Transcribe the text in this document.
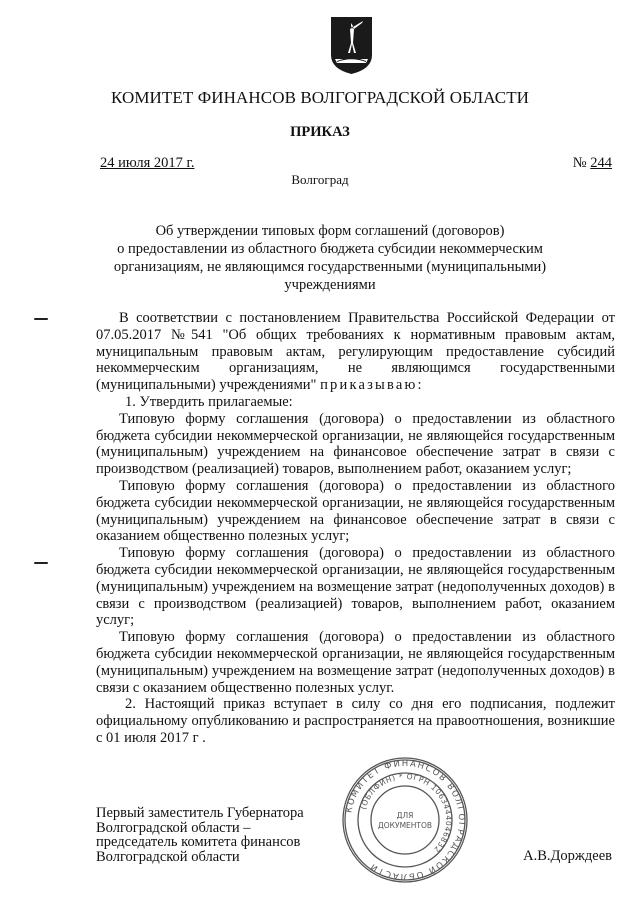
КОМИТЕТ ФИНАНСОВ ВОЛГОГРАДСКОЙ ОБЛАСТИ
ПРИКАЗ
24 июля 2017 г.	№ 244
Волгоград
Об утверждении типовых форм соглашений (договоров)
о предоставлении из областного бюджета субсидии некоммерческим
организациям, не являющимся государственными (муниципальными)
учреждениями

В соответствии с постановлением Правительства Российской Федерации от 07.05.2017 №541 "Об общих требованиях к нормативным правовым актам, муниципальным правовым актам, регулирующим предоставление субсидий некоммерческим организациям, не являющимся государственными (муниципальными) учреждениями" приказываю:

1. Утвердить прилагаемые:

Типовую форму соглашения (договора) о предоставлении из областного бюджета субсидии некоммерческой организации, не являющейся государственным (муниципальным) учреждением на финансовое обеспечение затрат в связи с производством (реализацией) товаров, выполнением работ, оказанием услуг;

Типовую форму соглашения (договора) о предоставлении из областного бюджета субсидии некоммерческой организации, не являющейся государственным (муниципальным) учреждением на финансовое обеспечение затрат в связи с оказанием общественно полезных услуг;

Типовую форму соглашения (договора) о предоставлении из областного бюджета субсидии некоммерческой организации, не являющейся государственным (муниципальным) учреждением на возмещение затрат (недополученных доходов) в связи с производством (реализацией) товаров, выполнением работ, оказанием услуг;

Типовую форму соглашения (договора) о предоставлении из областного бюджета субсидии некоммерческой организации, не являющейся государственным (муниципальным) учреждением на возмещение затрат (недополученных доходов) в связи с оказанием общественно полезных услуг.

2. Настоящий приказ вступает в силу со дня его подписания, подлежит официальному опубликованию и распространяется на правоотношения, возникшие с 01 июля 2017 г .

Первый заместитель Губернатора
Волгоградской области –
председатель комитета финансов
Волгоградской области	А.В.Дорждеев
КОМИТЕТ ФИНАНСОВ ВОЛГОГРАДСКОЙ ОБЛАСТИ
(ОБЛФИН) * ОГРН 1063444046832
ДЛЯ
ДОКУМЕНТОВ
